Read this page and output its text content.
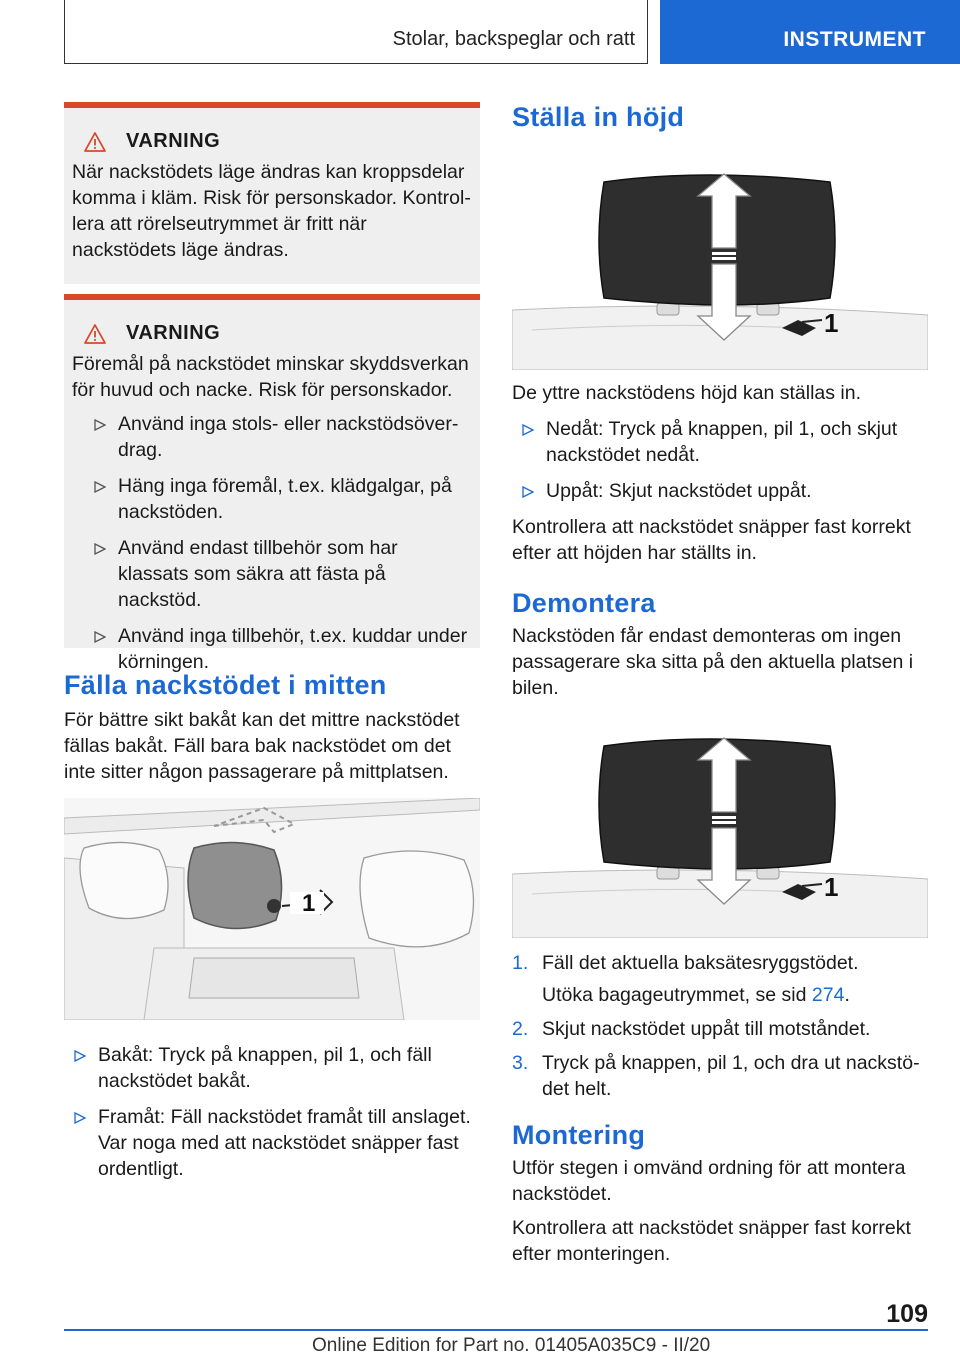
Stolar, backspeglar och ratt	INSTRUMENT
VARNING

När nackstödets läge ändras kan kroppsdelar komma i kläm. Risk för personskador. Kontrollera att rörelseutrymmet är fritt när nackstödets läge ändras.

VARNING

Föremål på nackstödet minskar skyddsverkan för huvud och nacke. Risk för personskador.

Använd inga stols- eller nackstödsöverdrag.
Häng inga föremål, t.ex. klädgalgar, på nackstöden.
Använd endast tillbehör som har klassats som säkra att fästa på nackstöd.
Använd inga tillbehör, t.ex. kuddar under körningen.
Fälla nackstödet i mitten

För bättre sikt bakåt kan det mittre nackstödet fällas bakåt. Fäll bara bak nackstödet om det inte sitter någon passagerare på mittplatsen.

1
Bakåt: Tryck på knappen, pil 1, och fäll nackstödet bakåt.
Framåt: Fäll nackstödet framåt till anslaget. Var noga med att nackstödet snäpper fast ordentligt.
Ställa in höjd
1

De yttre nackstödens höjd kan ställas in.

Nedåt: Tryck på knappen, pil 1, och skjut nackstödet nedåt.
Uppåt: Skjut nackstödet uppåt.

Kontrollera att nackstödet snäpper fast korrekt efter att höjden har ställts in.

Demontera

Nackstöden får endast demonteras om ingen passagerare ska sitta på den aktuella platsen i bilen.

1
1. Fäll det aktuella baksätesryggstödet.
Utöka bagageutrymmet, se sid 274.
2. Skjut nackstödet uppåt till motståndet.
3. Tryck på knappen, pil 1, och dra ut nackstödet helt.
Montering

Utför stegen i omvänd ordning för att montera nackstödet.

Kontrollera att nackstödet snäpper fast korrekt efter monteringen.

109
Online Edition for Part no. 01405A035C9 - II/20
